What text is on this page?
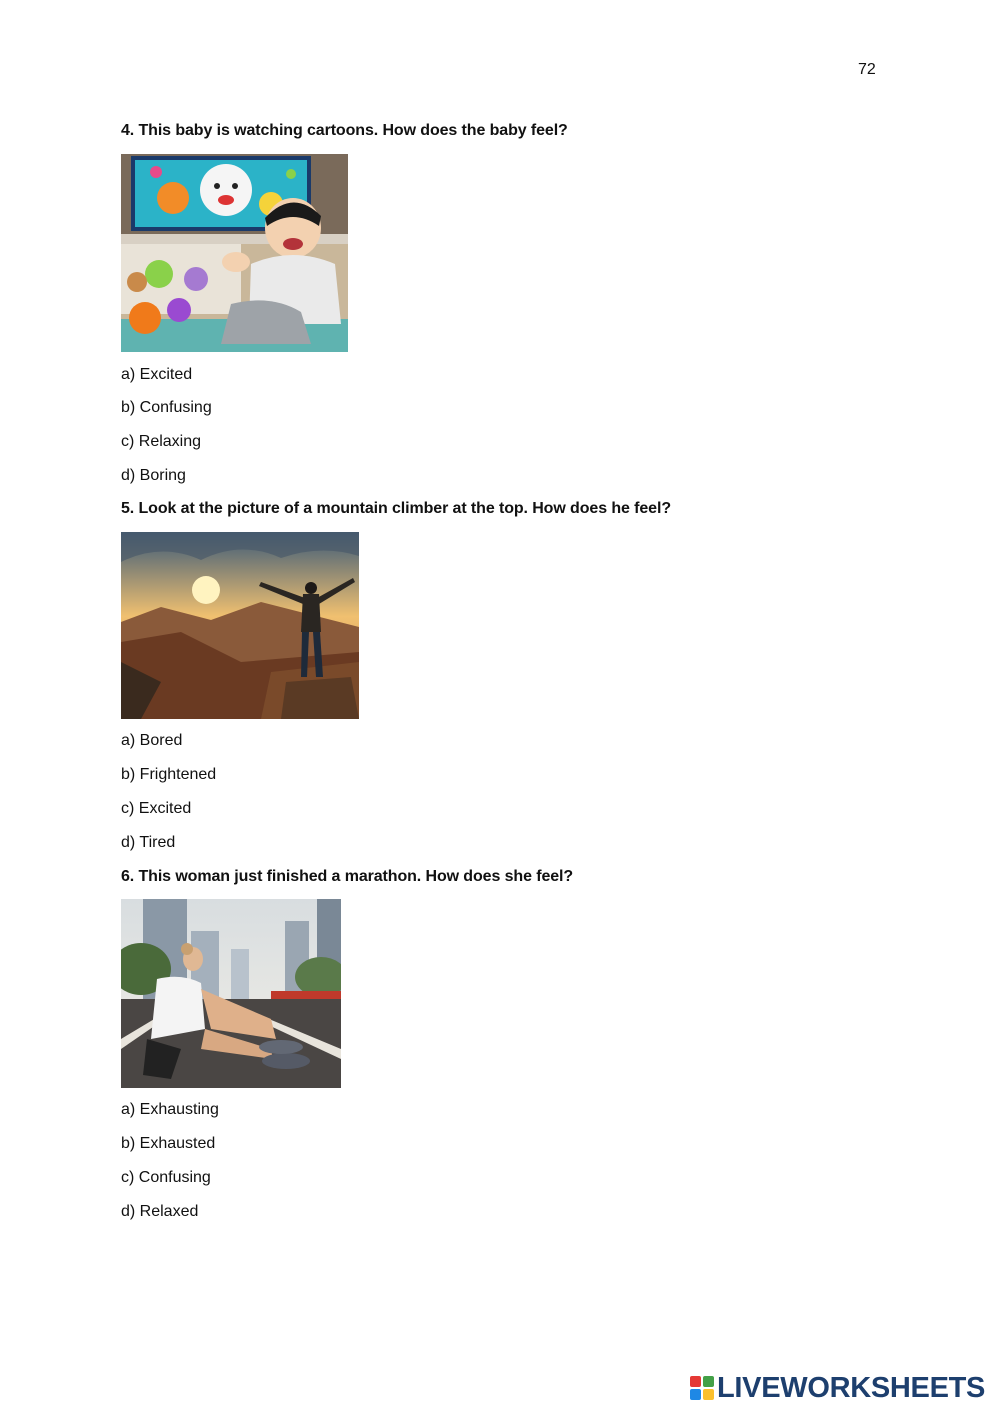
72
4. This baby is watching cartoons. How does the baby feel?
a) Excited
b) Confusing
c) Relaxing
d) Boring
5. Look at the picture of a mountain climber at the top. How does he feel?
a) Bored
b) Frightened
c) Excited
d) Tired
6. This woman just finished a marathon. How does she feel?
a) Exhausting
b) Exhausted
c) Confusing
d) Relaxed
LIVEWORKSHEETS
